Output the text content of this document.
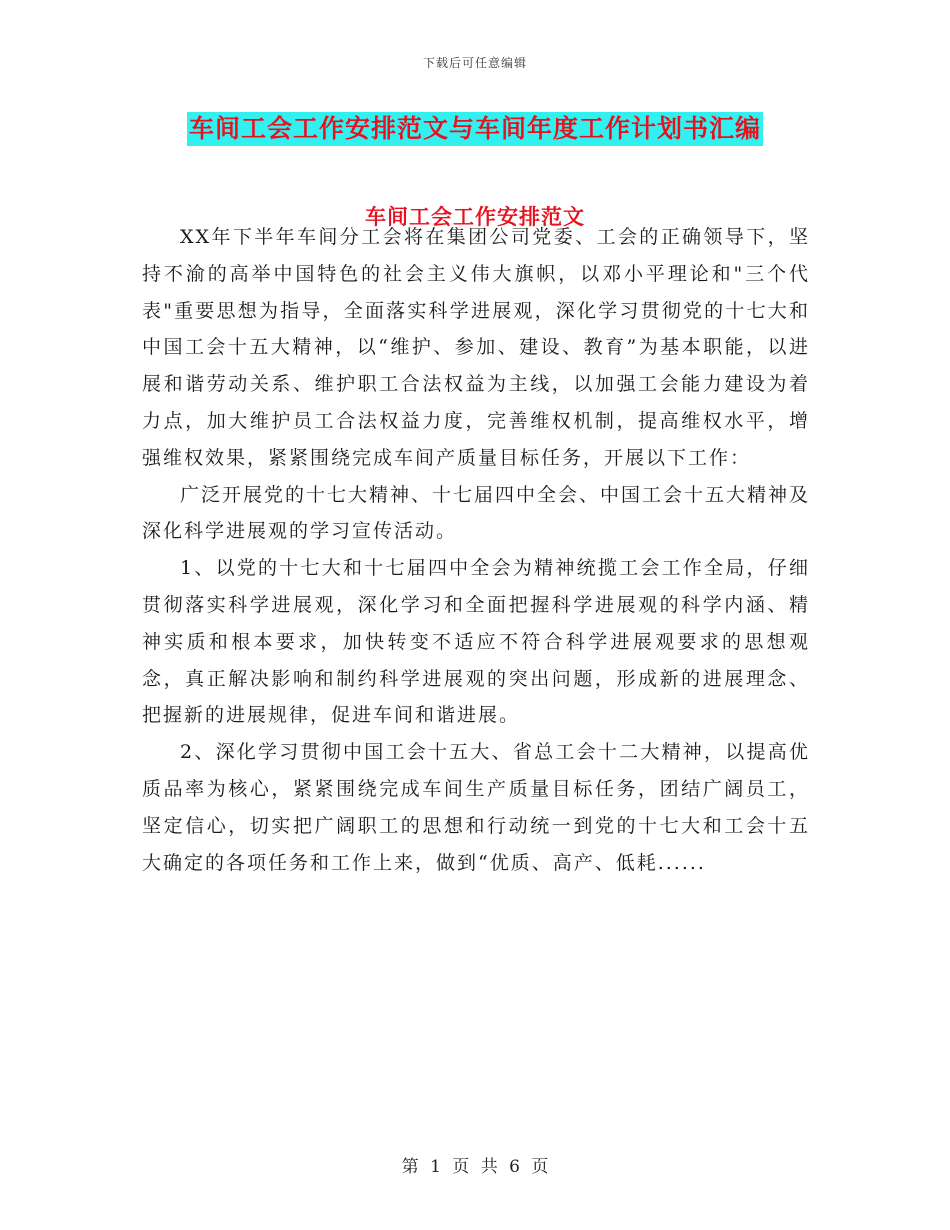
下载后可任意编辑
车间工会工作安排范文与车间年度工作计划书汇编
车间工会工作安排范文

XX年下半年车间分工会将在集团公司党委、工会的正确领导下，坚持不渝的高举中国特色的社会主义伟大旗帜，以邓小平理论和"三个代表"重要思想为指导，全面落实科学进展观，深化学习贯彻党的十七大和中国工会十五大精神，以“维护、参加、建设、教育”为基本职能，以进展和谐劳动关系、维护职工合法权益为主线，以加强工会能力建设为着力点，加大维护员工合法权益力度，完善维权机制，提高维权水平，增强维权效果，紧紧围绕完成车间产质量目标任务，开展以下工作：

广泛开展党的十七大精神、十七届四中全会、中国工会十五大精神及深化科学进展观的学习宣传活动。

1、以党的十七大和十七届四中全会为精神统揽工会工作全局，仔细贯彻落实科学进展观，深化学习和全面把握科学进展观的科学内涵、精神实质和根本要求，加快转变不适应不符合科学进展观要求的思想观念，真正解决影响和制约科学进展观的突出问题，形成新的进展理念、把握新的进展规律，促进车间和谐进展。

2、深化学习贯彻中国工会十五大、省总工会十二大精神，以提高优质品率为核心，紧紧围绕完成车间生产质量目标任务，团结广阔员工，坚定信心，切实把广阔职工的思想和行动统一到党的十七大和工会十五大确定的各项任务和工作上来，做到“优质、高产、低耗......

第 1 页 共 6 页
